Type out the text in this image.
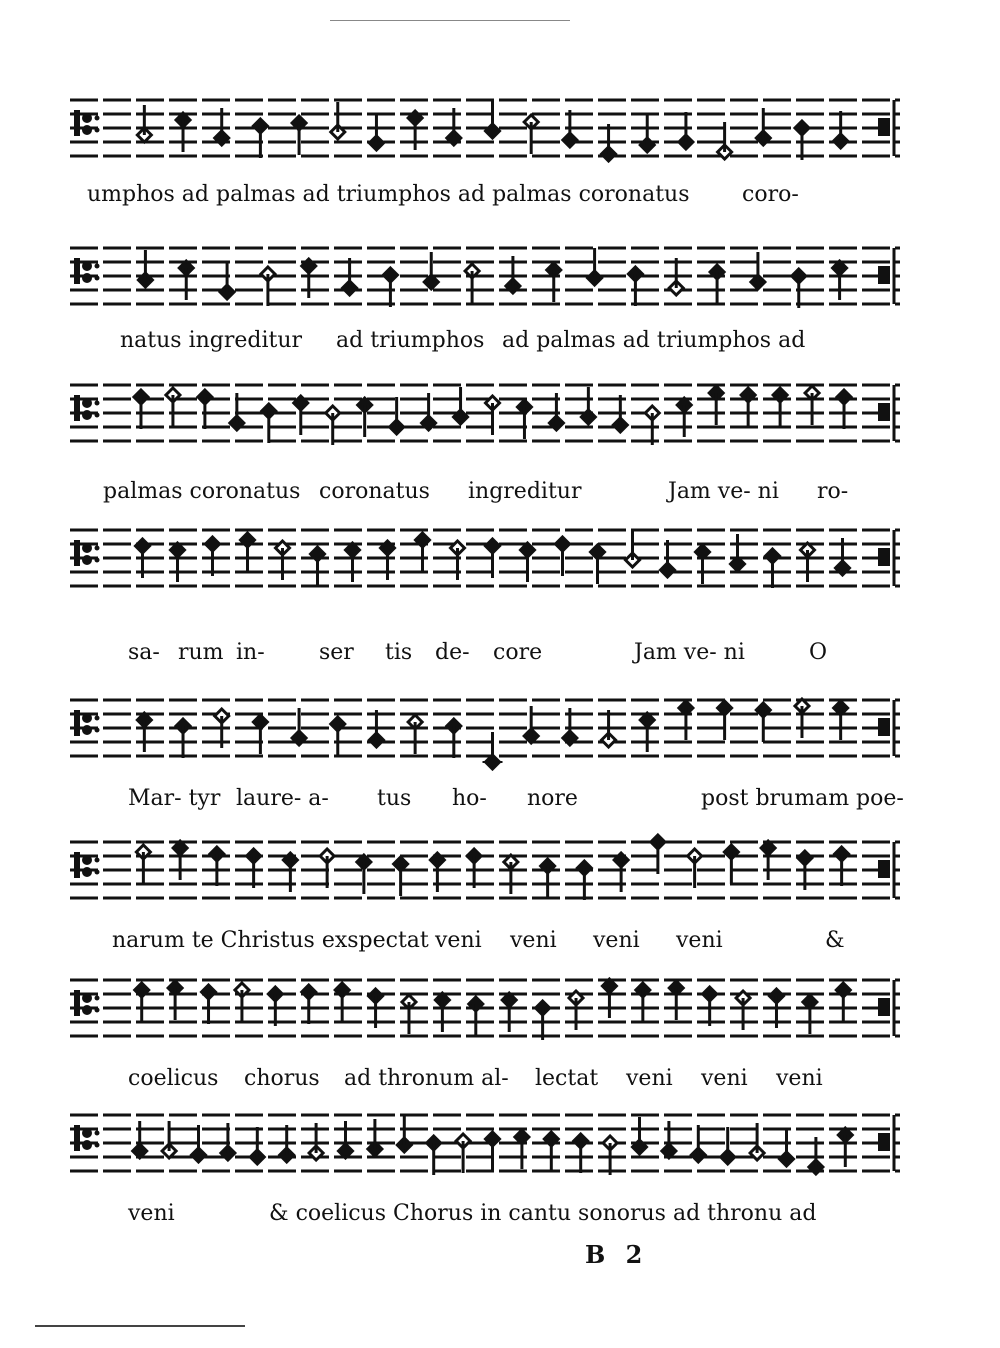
umphos ad palmas ad triumphos ad palmas coronatus coro-
natus ingreditur ad triumphos ad palmas ad triumphos ad
palmas coronatus coronatus ingreditur	Jam ve- ni ro-
sa- rum in- ser tis de- core	Jam ve- ni	O
Mar- tyr laure- a- tus ho- nore	post brumam poe-
narum te Christus exspectat veni veni veni veni	&
coelicus chorus ad thronum al- lectat veni veni veni
veni	& coelicus Chorus in cantu sonorus ad thronu ad
B 2
